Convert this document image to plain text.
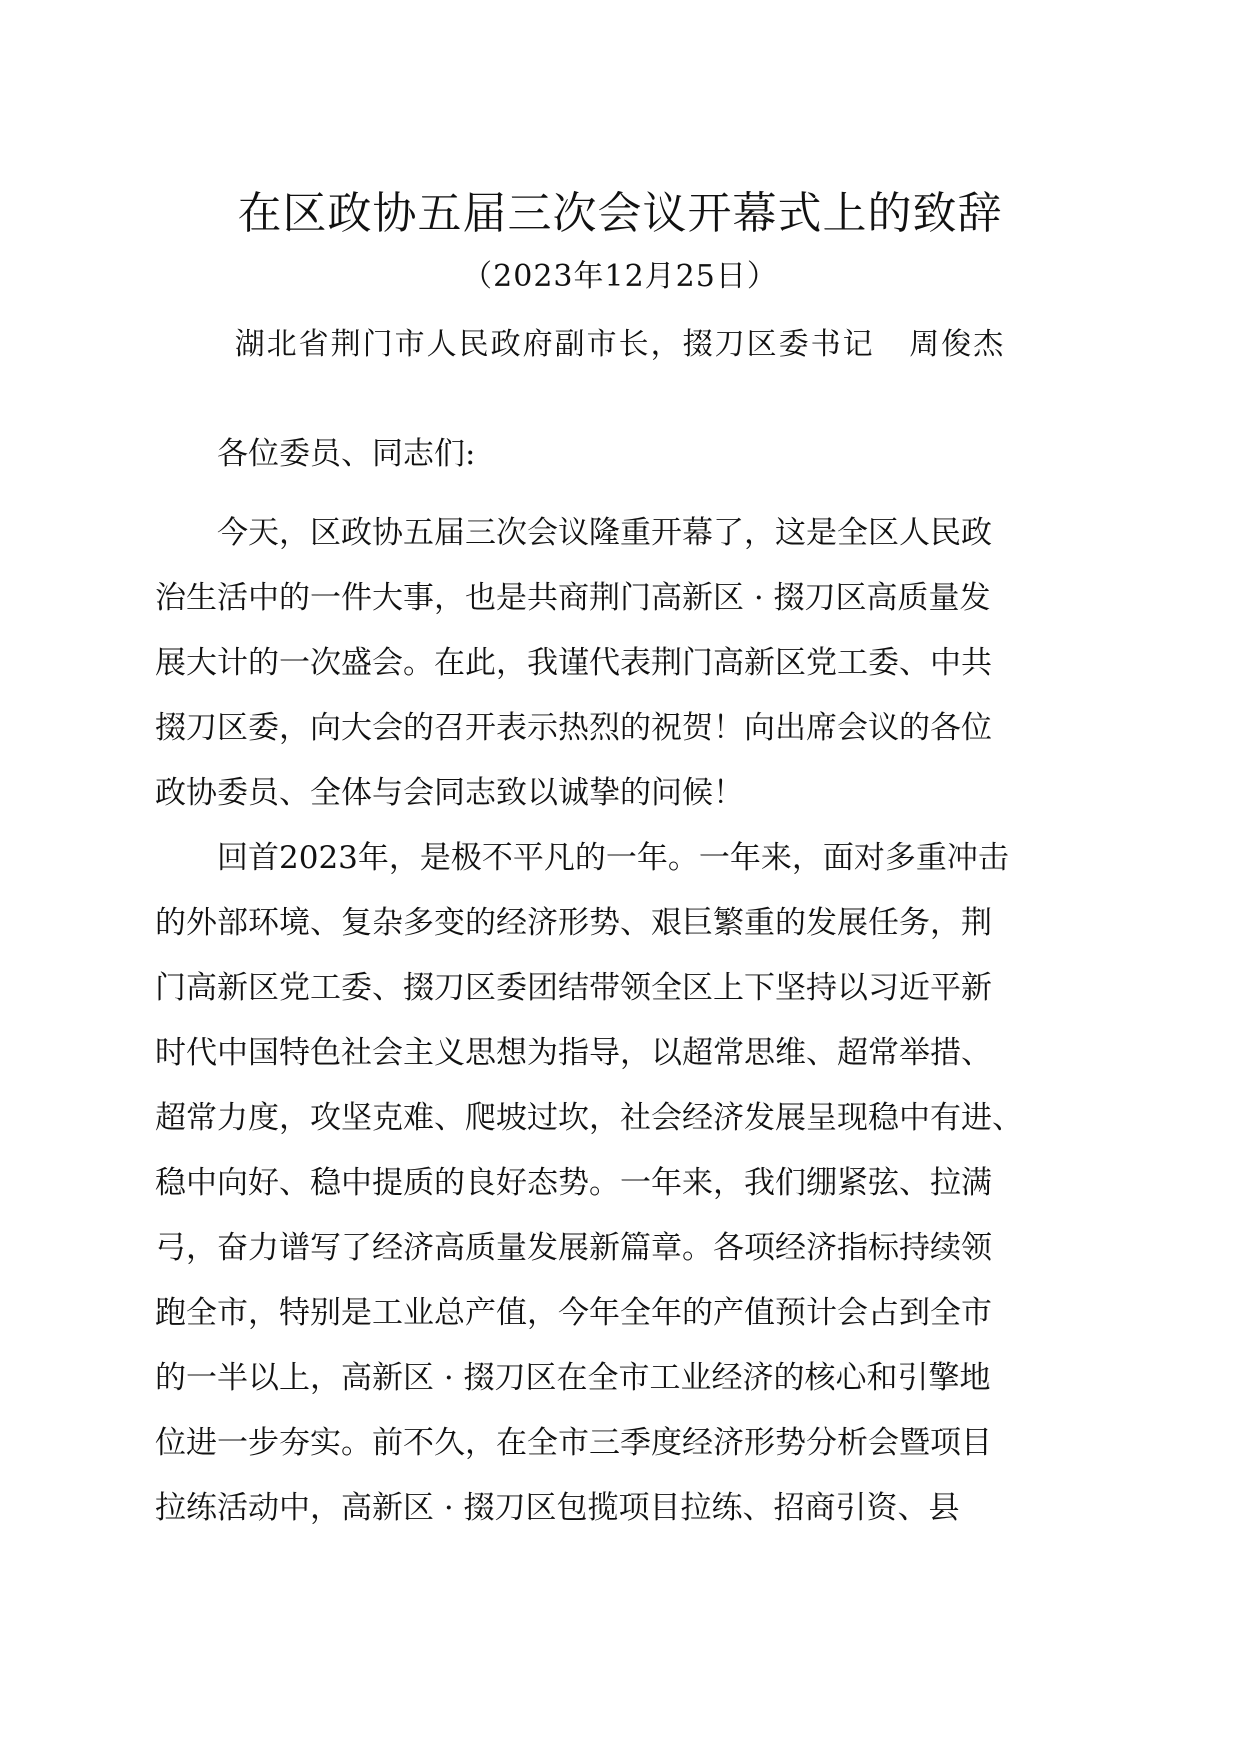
在区政协五届三次会议开幕式上的致辞
（2023年12月25日）
湖北省荆门市人民政府副市长，掇刀区委书记   周俊杰
各位委员、同志们:
今天，区政协五届三次会议隆重开幕了，这是全区人民政
治生活中的一件大事，也是共商荆门高新区 · 掇刀区高质量发
展大计的一次盛会。在此，我谨代表荆门高新区党工委、中共
掇刀区委，向大会的召开表示热烈的祝贺！向出席会议的各位
政协委员、全体与会同志致以诚挚的问候！
回首2023年，是极不平凡的一年。一年来，面对多重冲击
的外部环境、复杂多变的经济形势、艰巨繁重的发展任务，荆
门高新区党工委、掇刀区委团结带领全区上下坚持以习近平新
时代中国特色社会主义思想为指导，以超常思维、超常举措、
超常力度，攻坚克难、爬坡过坎，社会经济发展呈现稳中有进、
稳中向好、稳中提质的良好态势。一年来，我们绷紧弦、拉满
弓，奋力谱写了经济高质量发展新篇章。各项经济指标持续领
跑全市，特别是工业总产值，今年全年的产值预计会占到全市
的一半以上，高新区 · 掇刀区在全市工业经济的核心和引擎地
位进一步夯实。前不久，在全市三季度经济形势分析会暨项目
拉练活动中，高新区 · 掇刀区包揽项目拉练、招商引资、县
